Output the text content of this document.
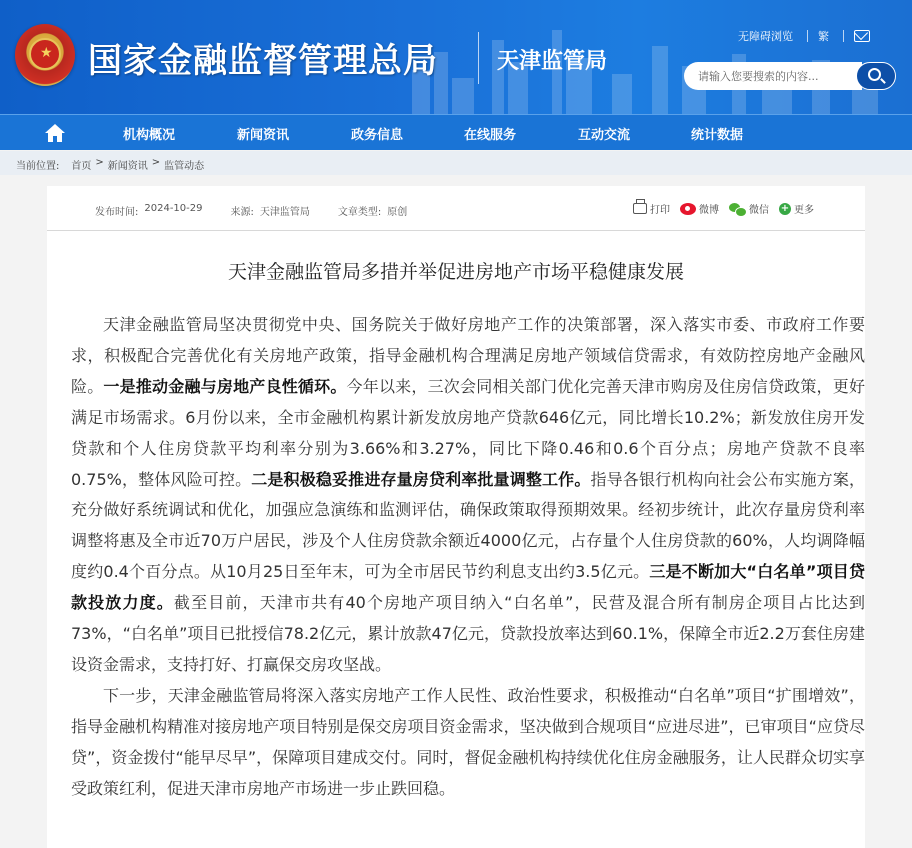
★ 国家金融监督管理总局	天津监管局
无障碍浏览 繁
请输入您要搜索的内容...
机构概况	新闻资讯	政务信息	在线服务	互动交流	统计数据
当前位置: 首页 > 新闻资讯 > 监管动态
发布时间: 2024-10-29	来源: 天津监管局	文章类型: 原创	打印	微博	微信 + 更多
天津金融监管局多措并举促进房地产市场平稳健康发展

天津金融监管局坚决贯彻党中央、国务院关于做好房地产工作的决策部署，深入落实市委、市政府工作要求，积极配合完善优化有关房地产政策，指导金融机构合理满足房地产领域信贷需求，有效防控房地产金融风险。一是推动金融与房地产良性循环。今年以来，三次会同相关部门优化完善天津市购房及住房信贷政策，更好满足市场需求。6月份以来，全市金融机构累计新发放房地产贷款646亿元，同比增长10.2%；新发放住房开发贷款和个人住房贷款平均利率分别为3.66%和3.27%，同比下降0.46和0.6个百分点；房地产贷款不良率0.75%，整体风险可控。二是积极稳妥推进存量房贷利率批量调整工作。指导各银行机构向社会公布实施方案，充分做好系统调试和优化，加强应急演练和监测评估，确保政策取得预期效果。经初步统计，此次存量房贷利率调整将惠及全市近70万户居民，涉及个人住房贷款余额近4000亿元，占存量个人住房贷款的60%，人均调降幅度约0.4个百分点。从10月25日至年末，可为全市居民节约利息支出约3.5亿元。三是不断加大“白名单”项目贷款投放力度。截至目前，天津市共有40个房地产项目纳入“白名单”，民营及混合所有制房企项目占比达到73%，“白名单”项目已批授信78.2亿元，累计放款47亿元，贷款投放率达到60.1%，保障全市近2.2万套住房建设资金需求，支持打好、打赢保交房攻坚战。

下一步，天津金融监管局将深入落实房地产工作人民性、政治性要求，积极推动“白名单”项目“扩围增效”，指导金融机构精准对接房地产项目特别是保交房项目资金需求，坚决做到合规项目“应进尽进”，已审项目“应贷尽贷”，资金拨付“能早尽早”，保障项目建成交付。同时，督促金融机构持续优化住房金融服务，让人民群众切实享受政策红利，促进天津市房地产市场进一步止跌回稳。
